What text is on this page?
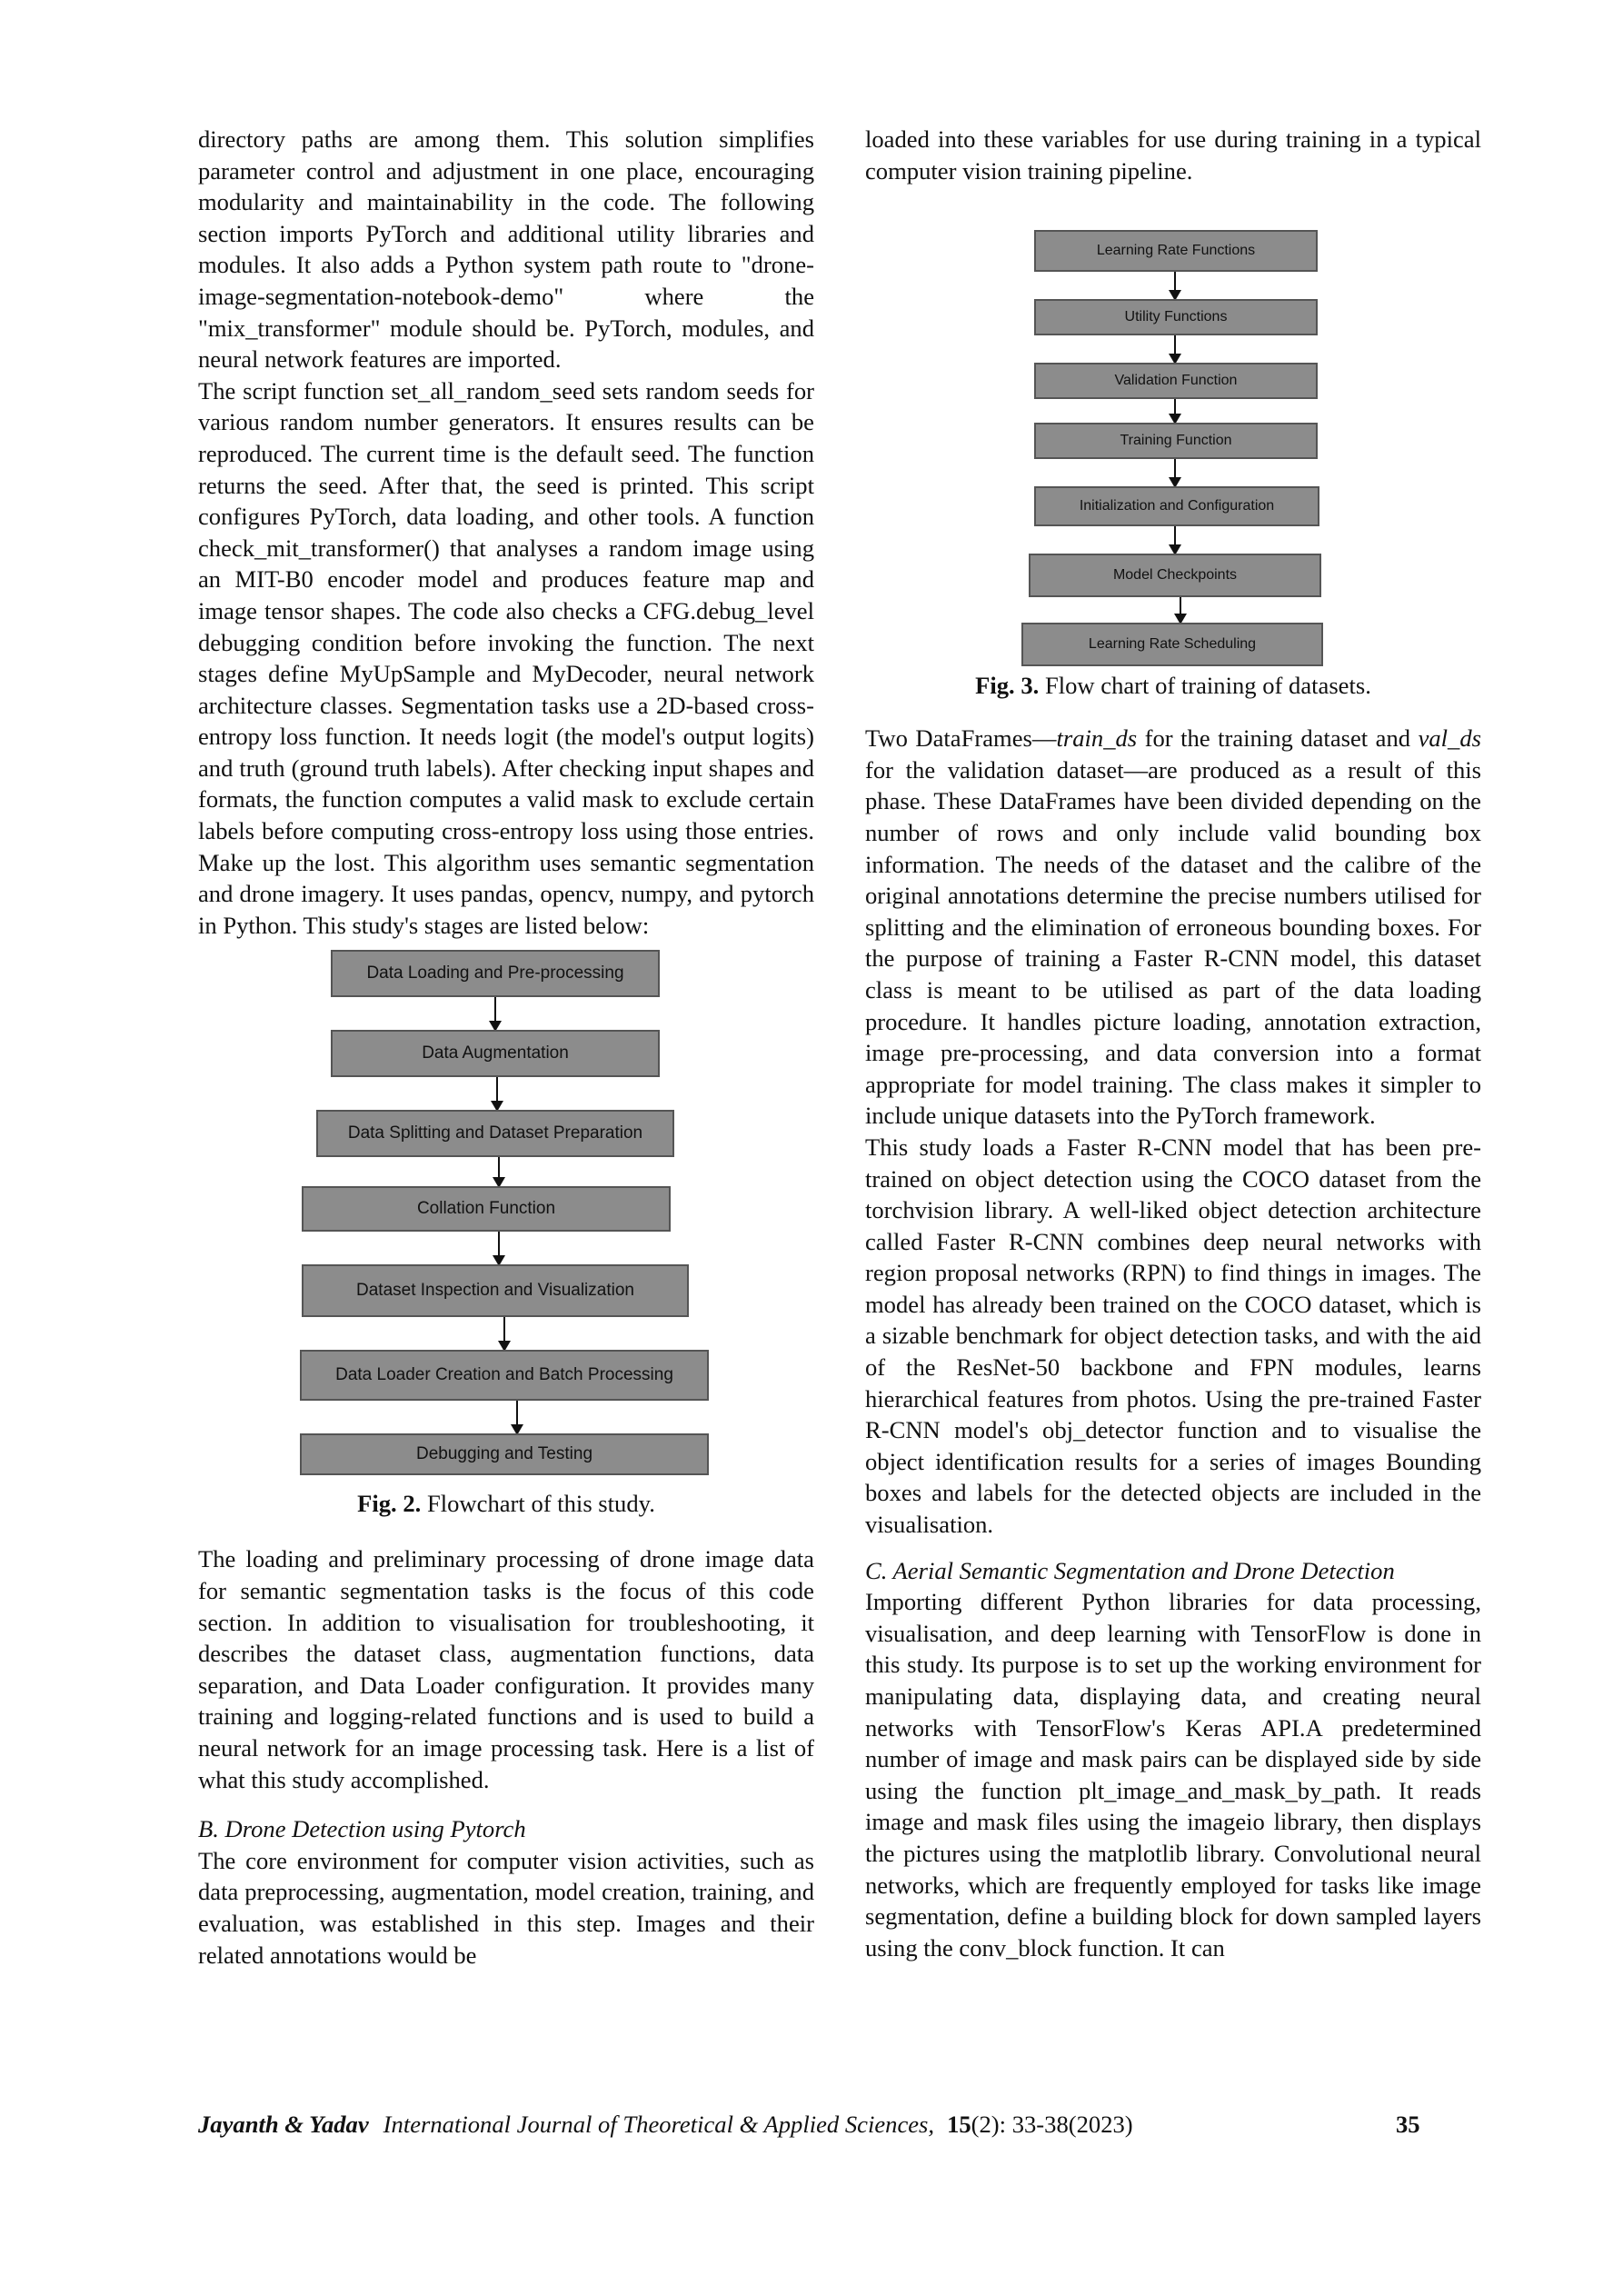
directory paths are among them. This solution simplifies parameter control and adjustment in one place, encouraging modularity and maintainability in the code. The following section imports PyTorch and additional utility libraries and modules. It also adds a Python system path route to "drone-image-segmentation-notebook-demo" where the "mix_transformer" module should be. PyTorch, modules, and neural network features are imported.

The script function set_all_random_seed sets random seeds for various random number generators. It ensures results can be reproduced. The current time is the default seed. The function returns the seed. After that, the seed is printed. This script configures PyTorch, data loading, and other tools. A function check_mit_transformer() that analyses a random image using an MIT-B0 encoder model and produces feature map and image tensor shapes. The code also checks a CFG.debug_level debugging condition before invoking the function. The next stages define MyUpSample and MyDecoder, neural network architecture classes. Segmentation tasks use a 2D-based cross-entropy loss function. It needs logit (the model's output logits) and truth (ground truth labels). After checking input shapes and formats, the function computes a valid mask to exclude certain labels before computing cross-entropy loss using those entries. Make up the lost. This algorithm uses semantic segmentation and drone imagery. It uses pandas, opencv, numpy, and pytorch in Python. This study's stages are listed below:

Data Loading and Pre-processing
Data Augmentation
Data Splitting and Dataset Preparation
Collation Function
Dataset Inspection and Visualization
Data Loader Creation and Batch Processing
Debugging and Testing
Fig. 2. Flowchart of this study.

The loading and preliminary processing of drone image data for semantic segmentation tasks is the focus of this code section. In addition to visualisation for troubleshooting, it describes the dataset class, augmentation functions, data separation, and Data Loader configuration. It provides many training and logging-related functions and is used to build a neural network for an image processing task. Here is a list of what this study accomplished.

B. Drone Detection using Pytorch

The core environment for computer vision activities, such as data preprocessing, augmentation, model creation, training, and evaluation, was established in this step. Images and their related annotations would be

loaded into these variables for use during training in a typical computer vision training pipeline.

Learning Rate Functions
Utility Functions
Validation Function
Training Function
Initialization and Configuration
Model Checkpoints
Learning Rate Scheduling
Fig. 3. Flow chart of training of datasets.

Two DataFrames—train_ds for the training dataset and val_ds for the validation dataset—are produced as a result of this phase. These DataFrames have been divided depending on the number of rows and only include valid bounding box information. The needs of the dataset and the calibre of the original annotations determine the precise numbers utilised for splitting and the elimination of erroneous bounding boxes. For the purpose of training a Faster R-CNN model, this dataset class is meant to be utilised as part of the data loading procedure. It handles picture loading, annotation extraction, image pre-processing, and data conversion into a format appropriate for model training. The class makes it simpler to include unique datasets into the PyTorch framework.

This study loads a Faster R-CNN model that has been pre-trained on object detection using the COCO dataset from the torchvision library. A well-liked object detection architecture called Faster R-CNN combines deep neural networks with region proposal networks (RPN) to find things in images. The model has already been trained on the COCO dataset, which is a sizable benchmark for object detection tasks, and with the aid of the ResNet-50 backbone and FPN modules, learns hierarchical features from photos. Using the pre-trained Faster R-CNN model's obj_detector function and to visualise the object identification results for a series of images Bounding boxes and labels for the detected objects are included in the visualisation.

C. Aerial Semantic Segmentation and Drone Detection

Importing different Python libraries for data processing, visualisation, and deep learning with TensorFlow is done in this study. Its purpose is to set up the working environment for manipulating data, displaying data, and creating neural networks with TensorFlow's Keras API.A predetermined number of image and mask pairs can be displayed side by side using the function plt_image_and_mask_by_path. It reads image and mask files using the imageio library, then displays the pictures using the matplotlib library. Convolutional neural networks, which are frequently employed for tasks like image segmentation, define a building block for down sampled layers using the conv_block function. It can

Jayanth & Yadav International Journal of Theoretical & Applied Sciences, 15(2): 33-38(2023)	35
